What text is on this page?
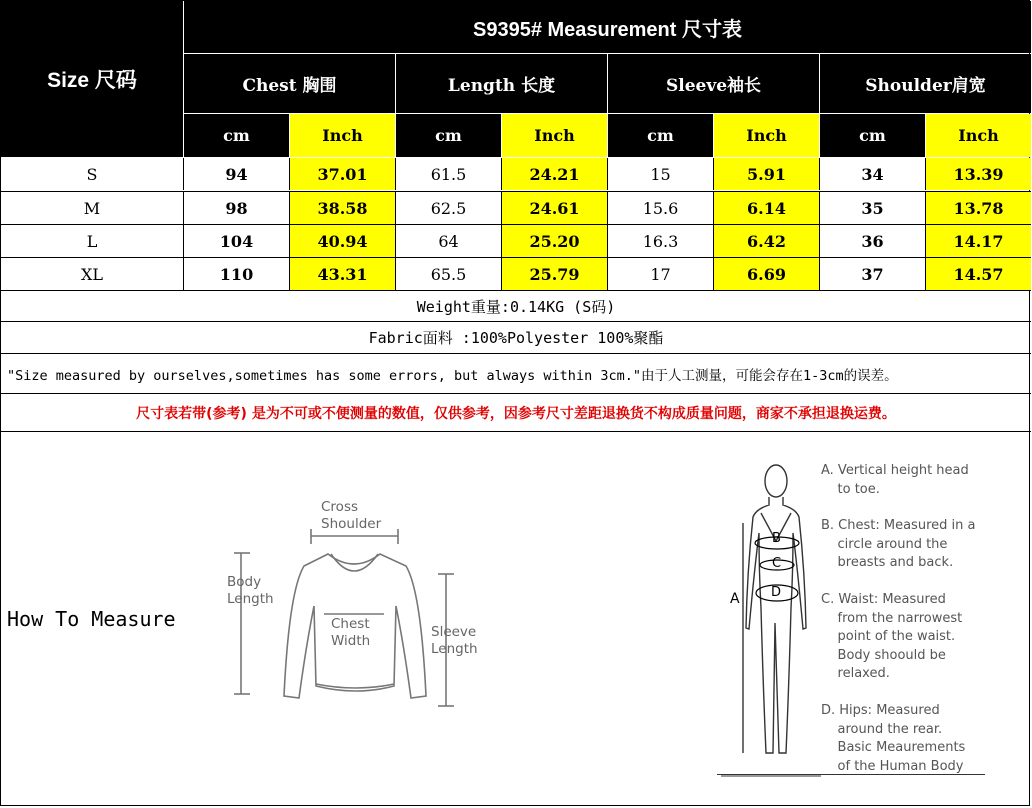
Size 尺码
S9395# Measurement 尺寸表
Chest 胸围	Length 长度	Sleeve袖长	Shoulder肩宽
cm	Inch	cm	Inch	cm	Inch	cm	Inch
S	94	37.01	61.5	24.21	15	5.91	34	13.39
M	98	38.58	62.5	24.61	15.6	6.14	35	13.78
L	104	40.94	64	25.20	16.3	6.42	36	14.17
XL	110	43.31	65.5	25.79	17	6.69	37	14.57
Weight重量:0.14KG (S码)
Fabric面料 :100%Polyester 100%聚酯
"Size measured by ourselves,sometimes has some errors, but always within 3cm."由于人工测量，可能会存在1-3cm的误差。
尺寸表若带(参考) 是为不可或不便测量的数值，仅供参考，因参考尺寸差距退换货不构成质量问题，商家不承担退换运费。
How To Measure
Cross
Shoulder
Body
Length
Chest
Width
Sleeve
Length
B
C
D
A
A. Vertical height head
to toe.
B. Chest: Measured in a
circle around the
breasts and back.
C. Waist: Measured
from the narrowest
point of the waist.
Body shoould be
relaxed.
D. Hips: Measured
around the rear.
Basic Meaurements
of the Human Body
